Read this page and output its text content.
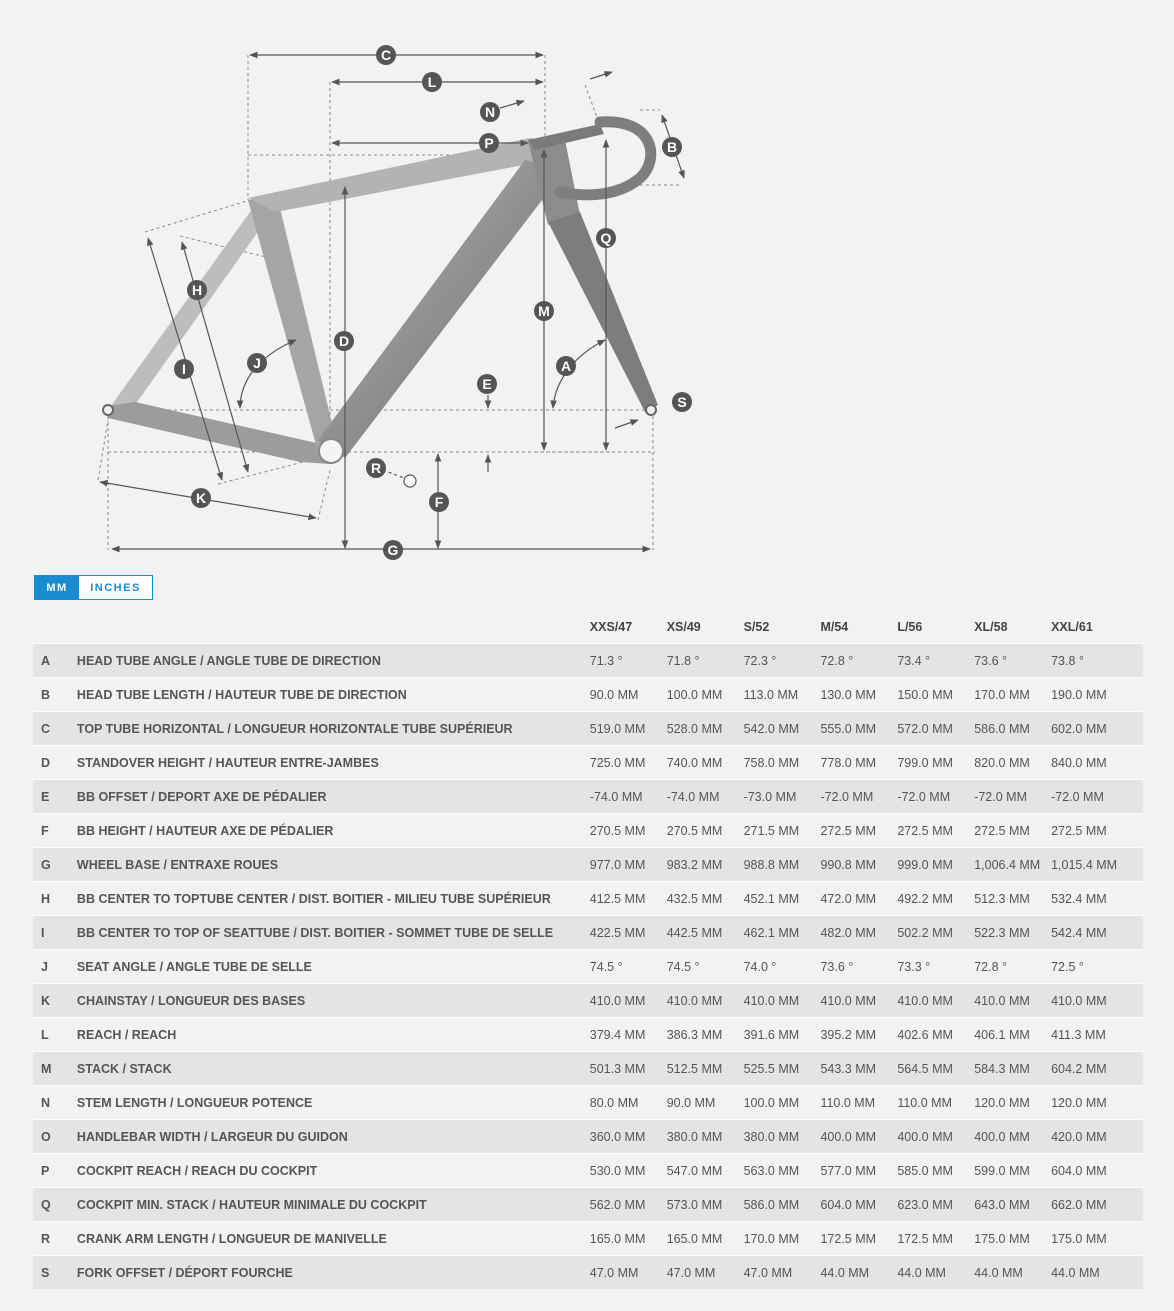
A
B
C
D
E
F
G
H
I	J
K
L
M
N
P
Q
R
S
MM	INCHES
		XXS/47	XS/49	S/52	M/54	L/56	XL/58	XXL/61
A	HEAD TUBE ANGLE / ANGLE TUBE DE DIRECTION	71.3 °	71.8 °	72.3 °	72.8 °	73.4 °	73.6 °	73.8 °
B	HEAD TUBE LENGTH / HAUTEUR TUBE DE DIRECTION	90.0 MM	100.0 MM	113.0 MM	130.0 MM	150.0 MM	170.0 MM	190.0 MM
C	TOP TUBE HORIZONTAL / LONGUEUR HORIZONTALE TUBE SUPÉRIEUR	519.0 MM	528.0 MM	542.0 MM	555.0 MM	572.0 MM	586.0 MM	602.0 MM
D	STANDOVER HEIGHT / HAUTEUR ENTRE-JAMBES	725.0 MM	740.0 MM	758.0 MM	778.0 MM	799.0 MM	820.0 MM	840.0 MM
E	BB OFFSET / DEPORT AXE DE PÉDALIER	-74.0 MM	-74.0 MM	-73.0 MM	-72.0 MM	-72.0 MM	-72.0 MM	-72.0 MM
F	BB HEIGHT / HAUTEUR AXE DE PÉDALIER	270.5 MM	270.5 MM	271.5 MM	272.5 MM	272.5 MM	272.5 MM	272.5 MM
G	WHEEL BASE / ENTRAXE ROUES	977.0 MM	983.2 MM	988.8 MM	990.8 MM	999.0 MM	1,006.4 MM	1,015.4 MM
H	BB CENTER TO TOPTUBE CENTER / DIST. BOITIER - MILIEU TUBE SUPÉRIEUR	412.5 MM	432.5 MM	452.1 MM	472.0 MM	492.2 MM	512.3 MM	532.4 MM
I	BB CENTER TO TOP OF SEATTUBE / DIST. BOITIER - SOMMET TUBE DE SELLE	422.5 MM	442.5 MM	462.1 MM	482.0 MM	502.2 MM	522.3 MM	542.4 MM
J	SEAT ANGLE / ANGLE TUBE DE SELLE	74.5 °	74.5 °	74.0 °	73.6 °	73.3 °	72.8 °	72.5 °
K	CHAINSTAY / LONGUEUR DES BASES	410.0 MM	410.0 MM	410.0 MM	410.0 MM	410.0 MM	410.0 MM	410.0 MM
L	REACH / REACH	379.4 MM	386.3 MM	391.6 MM	395.2 MM	402.6 MM	406.1 MM	411.3 MM
M	STACK / STACK	501.3 MM	512.5 MM	525.5 MM	543.3 MM	564.5 MM	584.3 MM	604.2 MM
N	STEM LENGTH / LONGUEUR POTENCE	80.0 MM	90.0 MM	100.0 MM	110.0 MM	110.0 MM	120.0 MM	120.0 MM
O	HANDLEBAR WIDTH / LARGEUR DU GUIDON	360.0 MM	380.0 MM	380.0 MM	400.0 MM	400.0 MM	400.0 MM	420.0 MM
P	COCKPIT REACH / REACH DU COCKPIT	530.0 MM	547.0 MM	563.0 MM	577.0 MM	585.0 MM	599.0 MM	604.0 MM
Q	COCKPIT MIN. STACK / HAUTEUR MINIMALE DU COCKPIT	562.0 MM	573.0 MM	586.0 MM	604.0 MM	623.0 MM	643.0 MM	662.0 MM
R	CRANK ARM LENGTH / LONGUEUR DE MANIVELLE	165.0 MM	165.0 MM	170.0 MM	172.5 MM	172.5 MM	175.0 MM	175.0 MM
S	FORK OFFSET / DÉPORT FOURCHE	47.0 MM	47.0 MM	47.0 MM	44.0 MM	44.0 MM	44.0 MM	44.0 MM
